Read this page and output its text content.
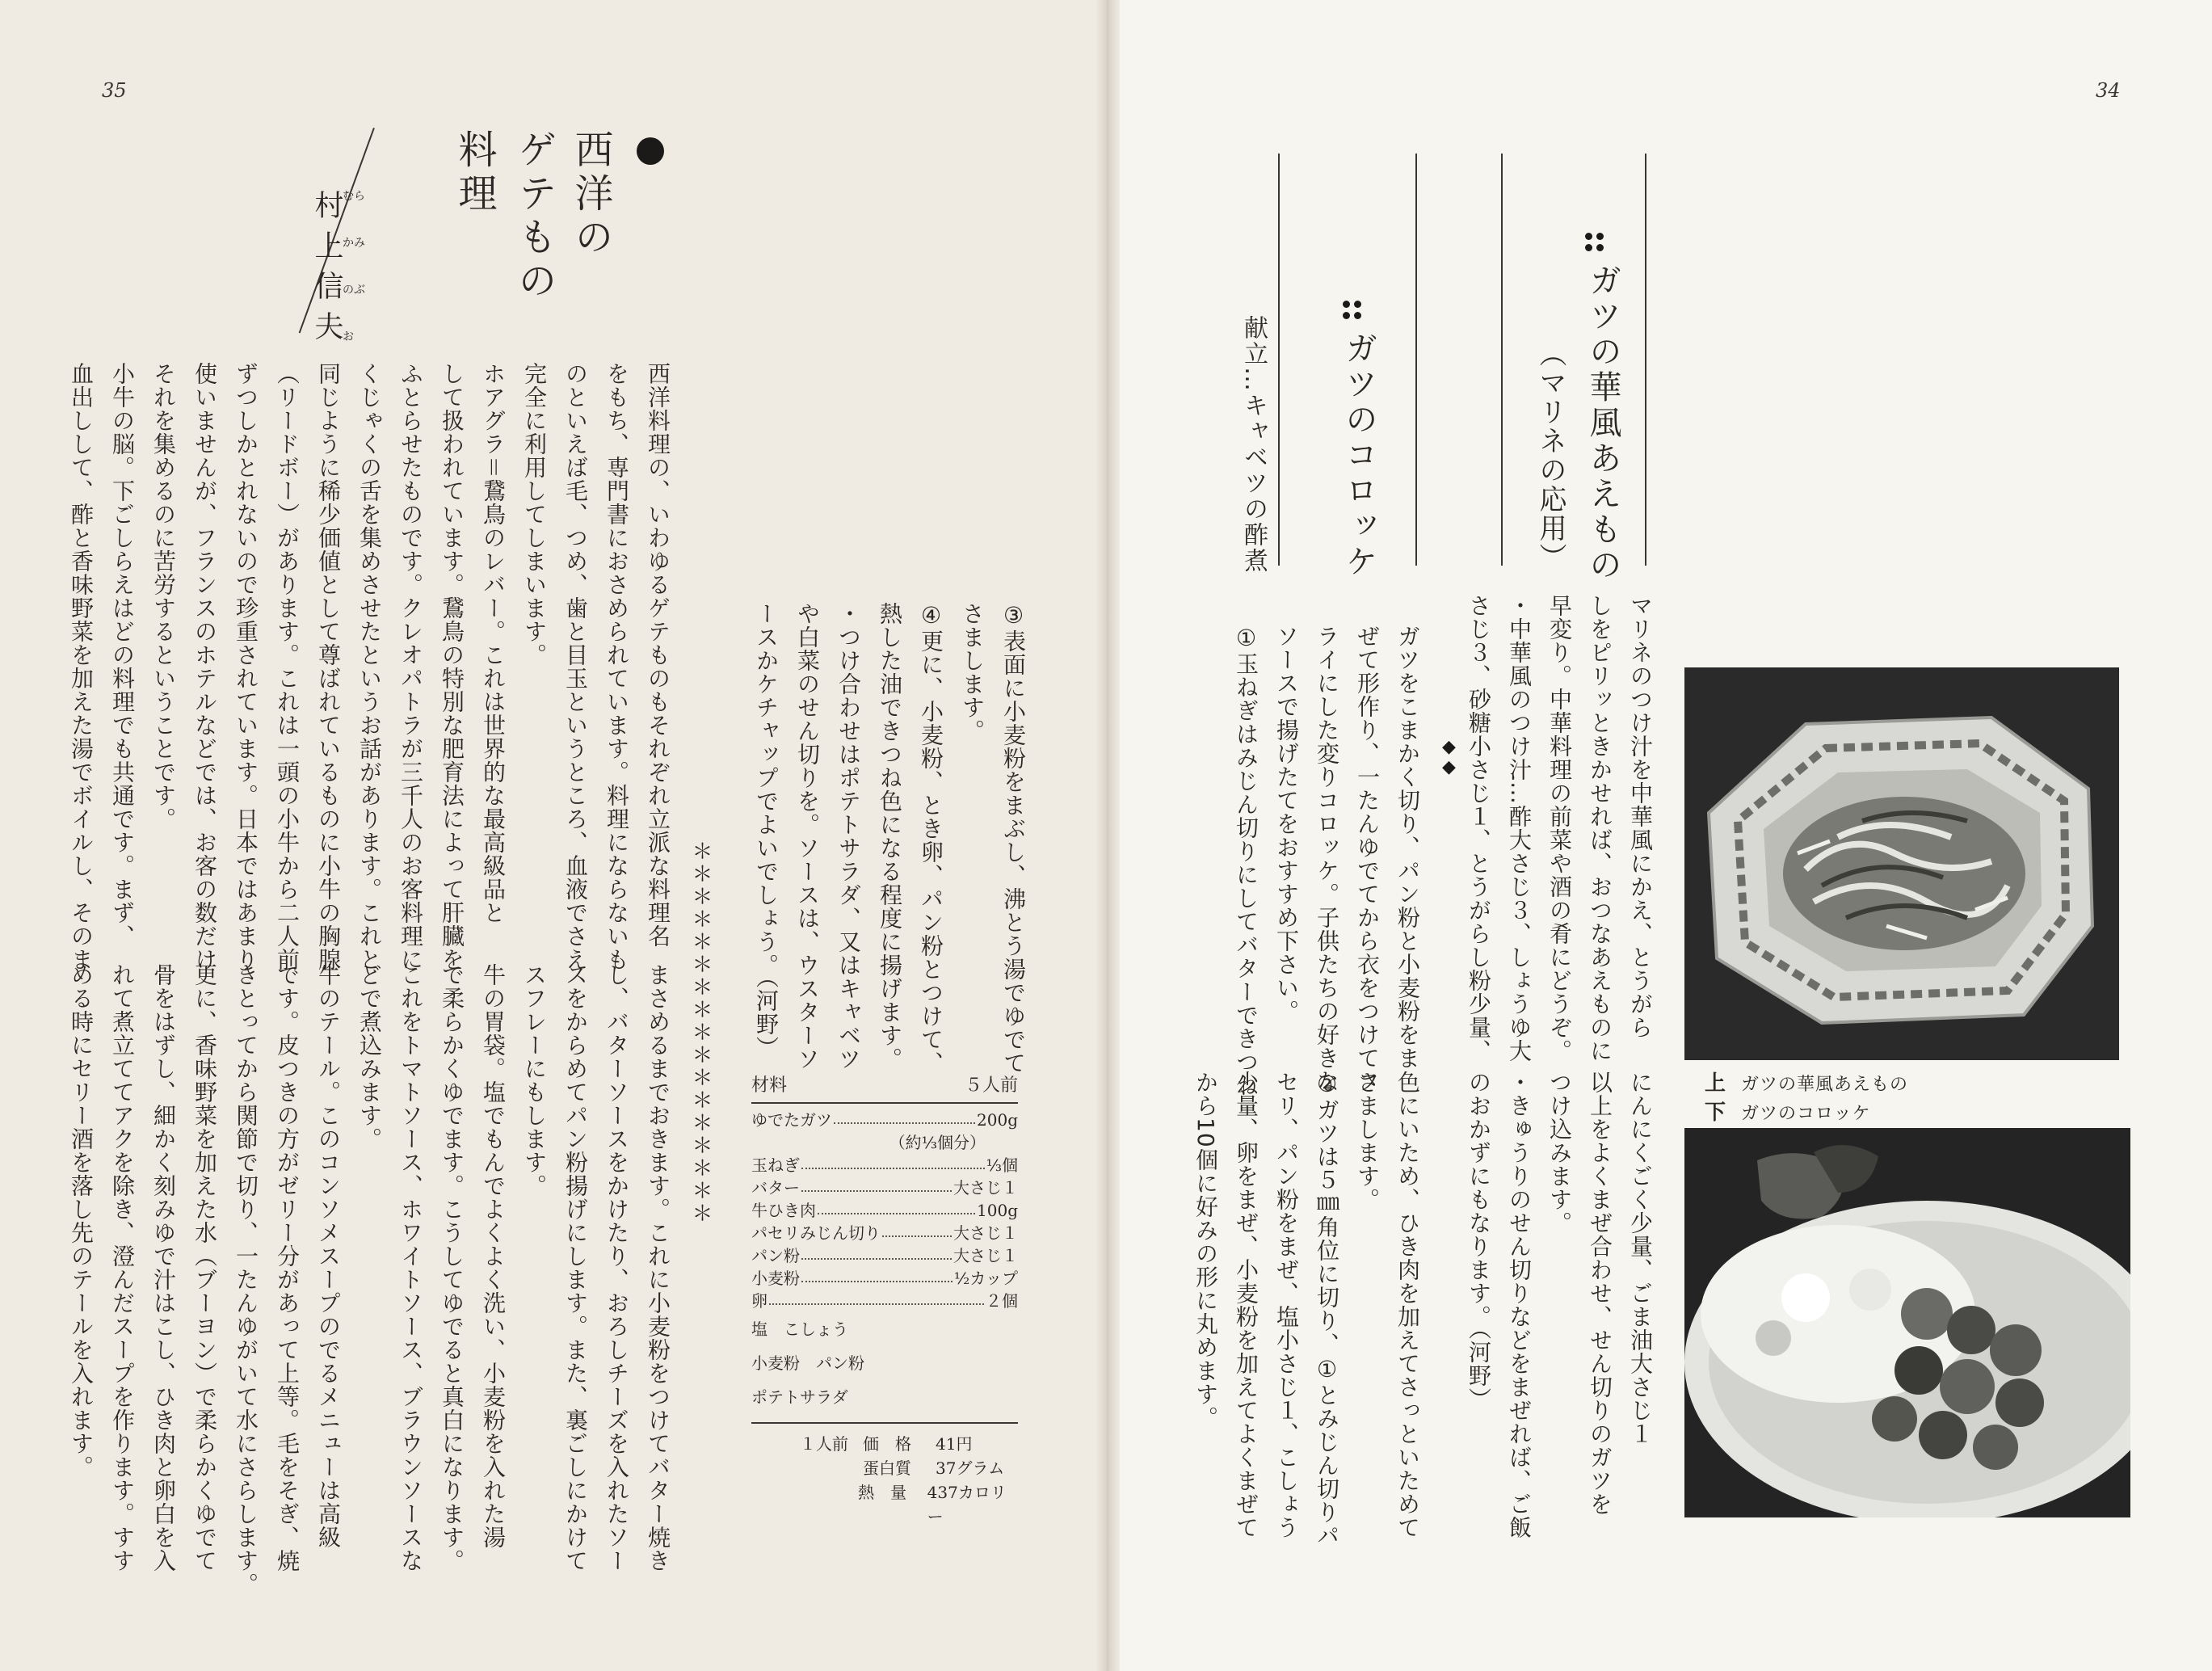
35
西洋の
ゲテもの
料理
村上信夫
西洋料理の、いわゆるゲテものもそれぞれ立派な料理名
をもち、専門書におさめられています。料理にならないも
のといえば毛、つめ、歯と目玉というところ、血液でさえ
完全に利用してしまいます。
ホアグラ＝鵞鳥のレバー。これは世界的な最高級品と
して扱われています。鵞鳥の特別な肥育法によって肝臓を
ふとらせたものです。クレオパトラが三千人のお客料理に
くじゃくの舌を集めさせたというお話があります。これと
同じように稀少価値として尊ばれているものに小牛の胸腺
（リードボー）があります。これは一頭の小牛から二人前
ずつしかとれないので珍重されています。日本ではあまり
使いませんが、フランスのホテルなどでは、お客の数だけ
それを集めるのに苦労するということです。
小牛の脳。下ごしらえはどの料理でも共通です。まず、
血出しして、酢と香味野菜を加えた湯でボイルし、そのま
むら
かみ
のぶ
お
まさめるまでおきます。これに小麦粉をつけてバター焼き
し、バターソースをかけたり、おろしチーズを入れたソー
スをからめてパン粉揚げにします。また、裏ごしにかけて
スフレーにもします。
牛の胃袋。塩でもんでよくよく洗い、小麦粉を入れた湯
で柔らかくゆでます。こうしてゆでると真白になります。
これをトマトソース、ホワイトソース、ブラウンソースな
どで煮込みます。
牛のテール。このコンソメスープのでるメニューは高級
です。皮つきの方がゼリー分があって上等。毛をそぎ、焼
きとってから関節で切り、一たんゆがいて水にさらします。
更に、香味野菜を加えた水（ブーヨン）で柔らかくゆでて
骨をはずし、細かく刻みゆで汁はこし、ひき肉と卵白を入
れて煮立ててアクを除き、澄んだスープを作ります。すす
める時にセリー酒を落し先のテールを入れます。
③表面に小麦粉をまぶし、沸とう湯でゆでて
さまします。
④更に、小麦粉、とき卵、パン粉とつけて、
熱した油できつね色になる程度に揚げます。
・つけ合わせはポテトサラダ、又はキャベツ
や白菜のせん切りを。ソースは、ウスターソ
ースかケチャップでよいでしょう。（河野）
＊＊＊＊＊＊＊＊＊＊＊＊＊＊＊＊＊ 材料	５人前
ゆでたガツ	200g
（約⅓個分）
玉ねぎ	⅓個
バター	大さじ１
牛ひき肉	100g
パセリみじん切り	大さじ１
パン粉	大さじ１
小麦粉	½カップ
卵	２個
塩　こしょう
小麦粉　パン粉
ポテトサラダ
１人前 価　格	41円
蛋白質	37グラム
熱　量	437カロリー
34
ガツの華風あえもの
（マリネの応用）
ガツのコロッケ
献立…キャベツの酢煮
マリネのつけ汁を中華風にかえ、とうがら
しをピリッときかせれば、おつなあえものに
早変り。中華料理の前菜や酒の肴にどうぞ。
・中華風のつけ汁…酢大さじ３、しょうゆ大
さじ３、砂糖小さじ１、とうがらし粉少量、
にんにくごく少量、ごま油大さじ１
以上をよくまぜ合わせ、せん切りのガツを
つけ込みます。
・きゅうりのせん切りなどをまぜれば、ご飯
のおかずにもなります。（河野）
◆◆
ガツをこまかく切り、パン粉と小麦粉をま
ぜて形作り、一たんゆでてから衣をつけてフ
ライにした変りコロッケ。子供たちの好きな
ソースで揚げたてをおすすめ下さい。
①玉ねぎはみじん切りにしてバターできつね
色にいため、ひき肉を加えてさっといためて
さまします。
②ガツは５㎜角位に切り、①とみじん切りパ
セリ、パン粉をまぜ、塩小さじ１、こしょう
少量、卵をまぜ、小麦粉を加えてよくまぜて
から10個に好みの形に丸めます。	上 ガツの華風あえもの
下 ガツのコロッケ
